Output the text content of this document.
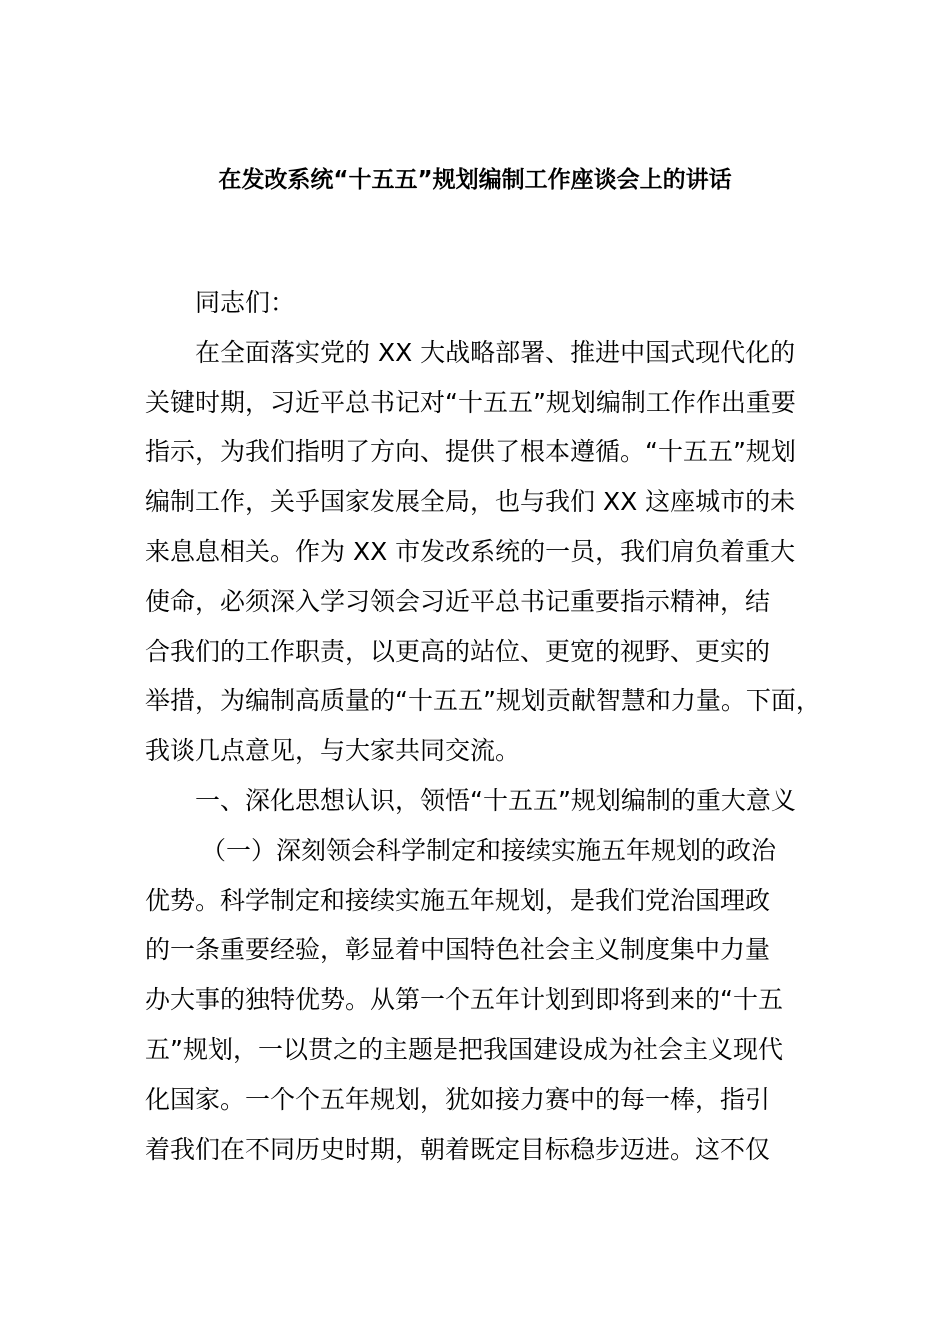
在发改系统“十五五”规划编制工作座谈会上的讲话
同志们：
在全面落实党的 XX 大战略部署、推进中国式现代化的
关键时期，习近平总书记对“十五五”规划编制工作作出重要
指示，为我们指明了方向、提供了根本遵循。“十五五”规划
编制工作，关乎国家发展全局，也与我们 XX 这座城市的未
来息息相关。作为 XX 市发改系统的一员，我们肩负着重大
使命，必须深入学习领会习近平总书记重要指示精神，结
合我们的工作职责，以更高的站位、更宽的视野、更实的
举措，为编制高质量的“十五五”规划贡献智慧和力量。下面，
我谈几点意见，与大家共同交流。
一、深化思想认识，领悟“十五五”规划编制的重大意义
（一）深刻领会科学制定和接续实施五年规划的政治
优势。科学制定和接续实施五年规划，是我们党治国理政
的一条重要经验，彰显着中国特色社会主义制度集中力量
办大事的独特优势。从第一个五年计划到即将到来的“十五
五”规划，一以贯之的主题是把我国建设成为社会主义现代
化国家。一个个五年规划，犹如接力赛中的每一棒，指引
着我们在不同历史时期，朝着既定目标稳步迈进。这不仅
